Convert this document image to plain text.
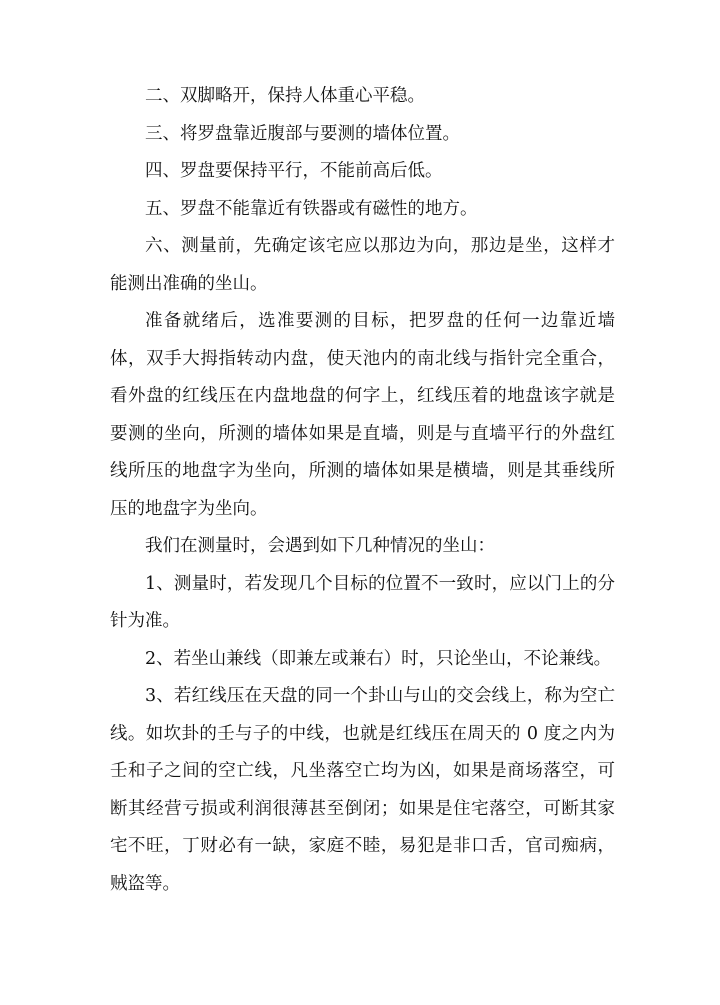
二、双脚略开，保持人体重心平稳。

三、将罗盘靠近腹部与要测的墙体位置。

四、罗盘要保持平行，不能前高后低。

五、罗盘不能靠近有铁器或有磁性的地方。

六、测量前，先确定该宅应以那边为向，那边是坐，这样才能测出准确的坐山。

准备就绪后，选准要测的目标，把罗盘的任何一边靠近墙体，双手大拇指转动内盘，使天池内的南北线与指针完全重合，看外盘的红线压在内盘地盘的何字上，红线压着的地盘该字就是要测的坐向，所测的墙体如果是直墙，则是与直墙平行的外盘红线所压的地盘字为坐向，所测的墙体如果是横墙，则是其垂线所压的地盘字为坐向。

我们在测量时，会遇到如下几种情况的坐山：

1、测量时，若发现几个目标的位置不一致时，应以门上的分针为准。

2、若坐山兼线（即兼左或兼右）时，只论坐山，不论兼线。

3、若红线压在天盘的同一个卦山与山的交会线上，称为空亡线。如坎卦的壬与子的中线，也就是红线压在周天的 0 度之内为壬和子之间的空亡线，凡坐落空亡均为凶，如果是商场落空，可断其经营亏损或利润很薄甚至倒闭；如果是住宅落空，可断其家宅不旺，丁财必有一缺，家庭不睦，易犯是非口舌，官司痴病，贼盗等。
